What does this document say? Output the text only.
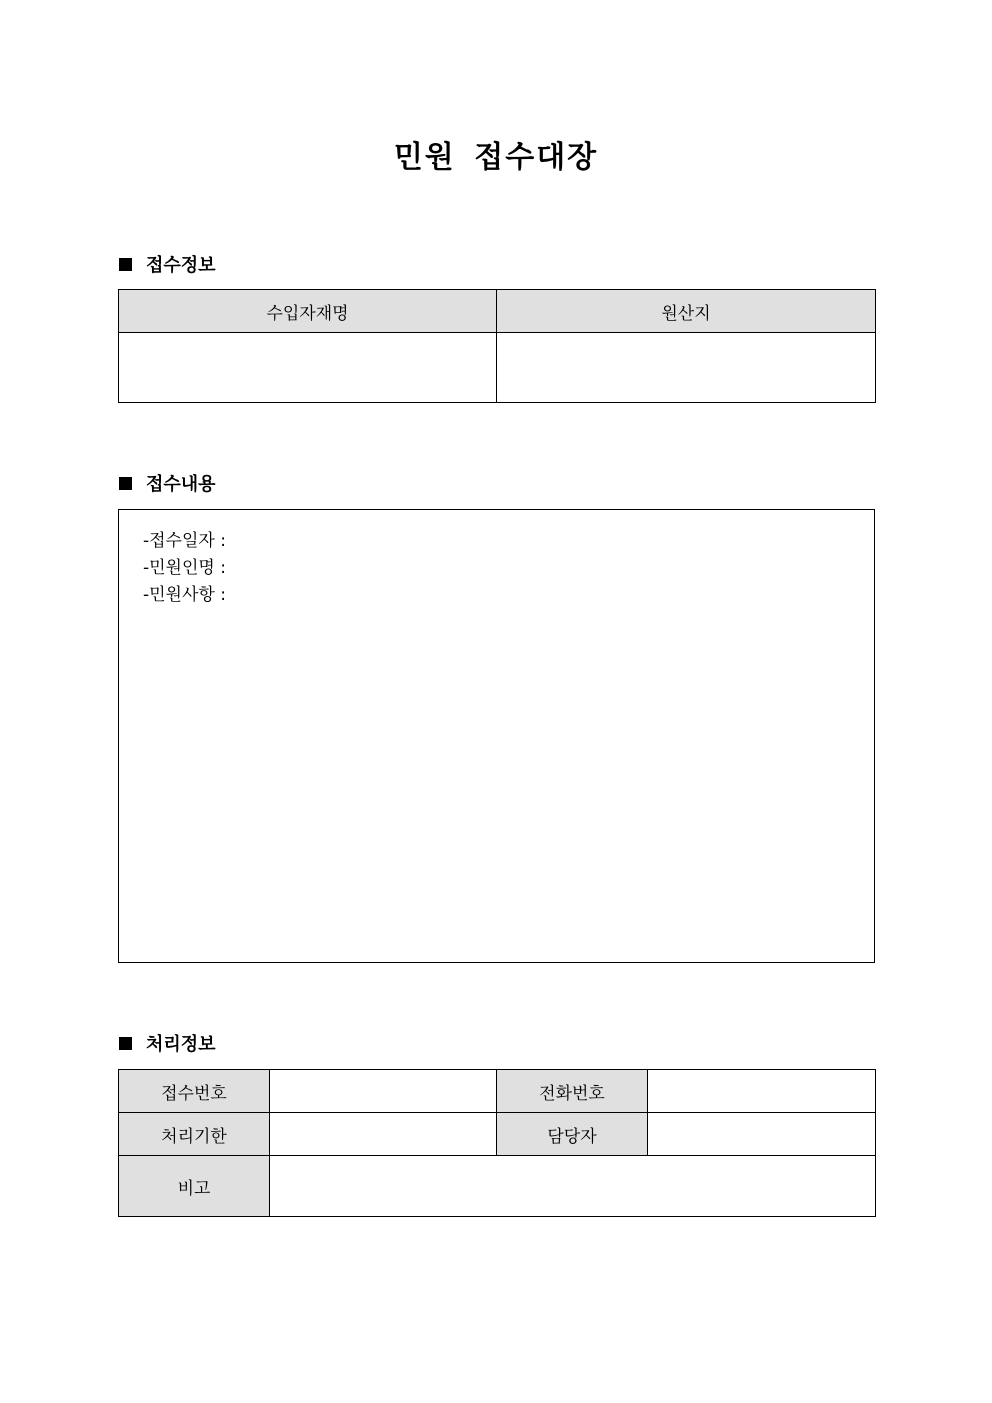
민원 접수대장
접수정보
수입자재명	원산지

접수내용
-접수일자 :
-민원인명 :
-민원사항 :
처리정보
접수번호		전화번호	
처리기한		담당자	
비고			
